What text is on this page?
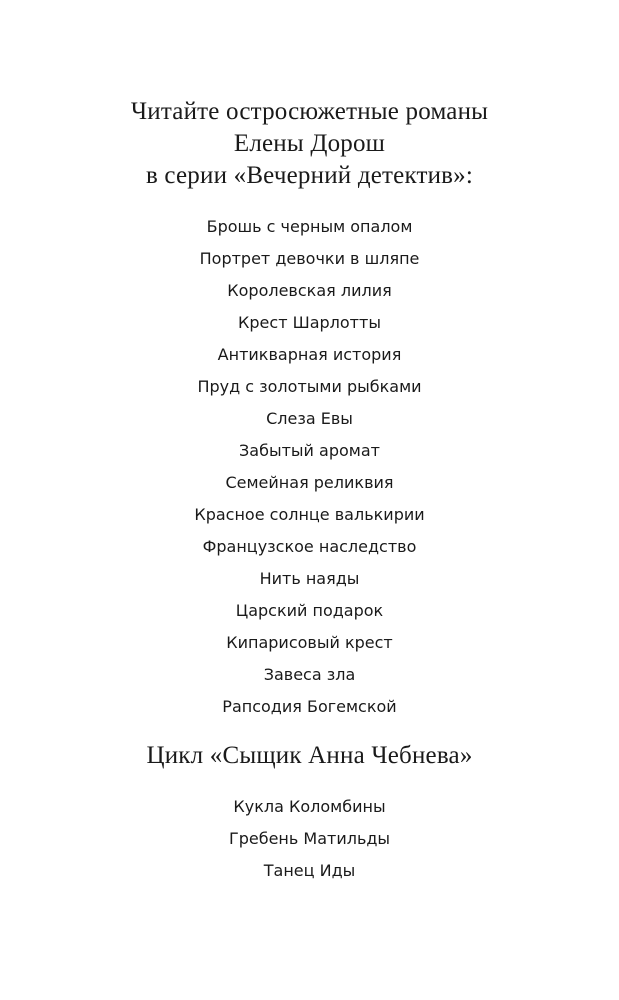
Читайте остросюжетные романы
Елены Дорош
в серии «Вечерний детектив»:
Брошь с черным опалом
Портрет девочки в шляпе
Королевская лилия
Крест Шарлотты
Антикварная история
Пруд с золотыми рыбками
Слеза Евы
Забытый аромат
Семейная реликвия
Красное солнце валькирии
Французское наследство
Нить наяды
Царский подарок
Кипарисовый крест
Завеса зла
Рапсодия Богемской
Цикл «Сыщик Анна Чебнева»
Кукла Коломбины
Гребень Матильды
Танец Иды
